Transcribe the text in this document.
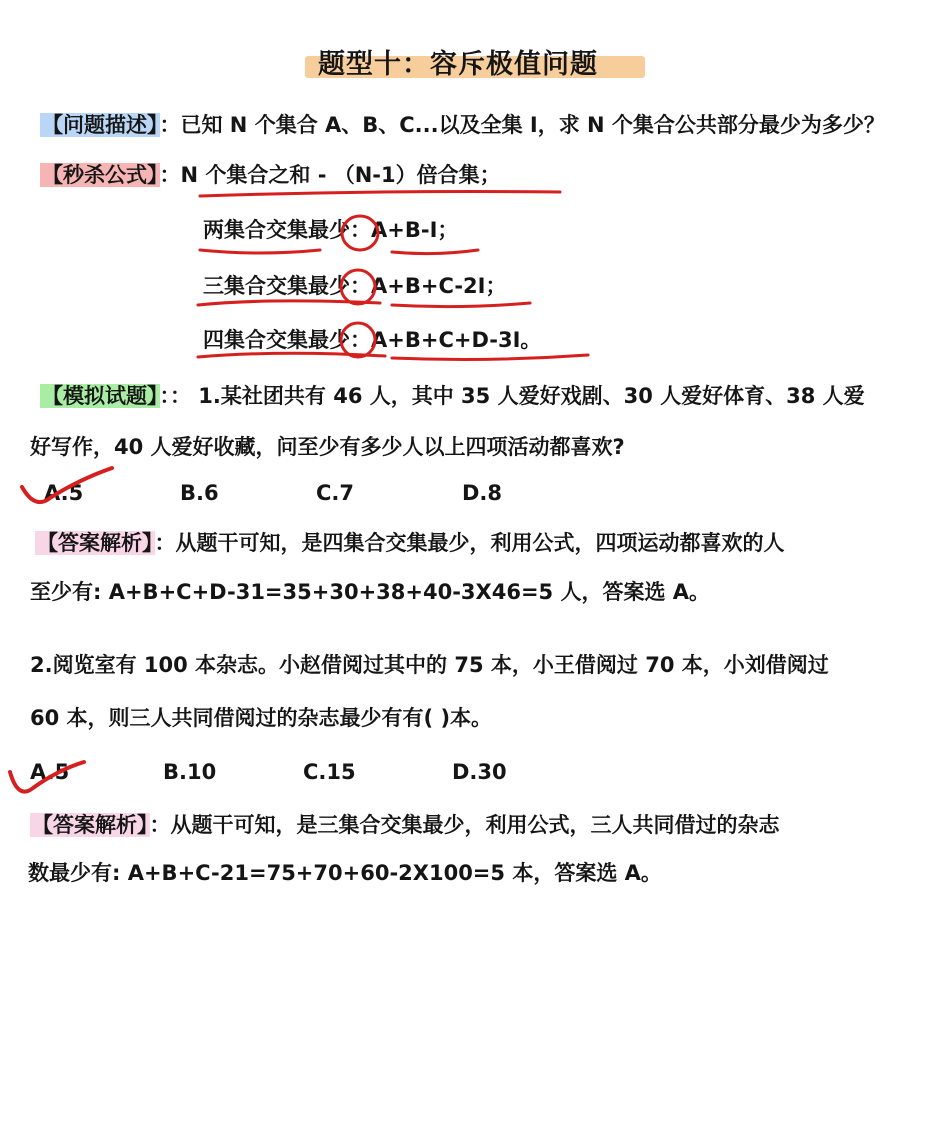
题型十：容斥极值问题
【问题描述】：已知 N 个集合 A、B、C...以及全集 I，求 N 个集合公共部分最少为多少？
【秒杀公式】：N 个集合之和 - （N-1）倍合集；
两集合交集最少：A+B-I；
三集合交集最少：A+B+C-2I；
四集合交集最少：A+B+C+D-3I。
【模拟试题】：： 1.某社团共有 46 人，其中 35 人爱好戏剧、30 人爱好体育、38 人爱
好写作，40 人爱好收藏，问至少有多少人以上四项活动都喜欢?
A.5	B.6	C.7	D.8
【答案解析】：从题干可知，是四集合交集最少，利用公式，四项运动都喜欢的人
至少有: A+B+C+D-31=35+30+38+40-3X46=5 人，答案选 A。
2.阅览室有 100 本杂志。小赵借阅过其中的 75 本，小王借阅过 70 本，小刘借阅过
60 本，则三人共同借阅过的杂志最少有有( )本。
A.5	B.10	C.15	D.30
【答案解析】：从题干可知，是三集合交集最少，利用公式，三人共同借过的杂志
数最少有: A+B+C-21=75+70+60-2X100=5 本，答案选 A。
